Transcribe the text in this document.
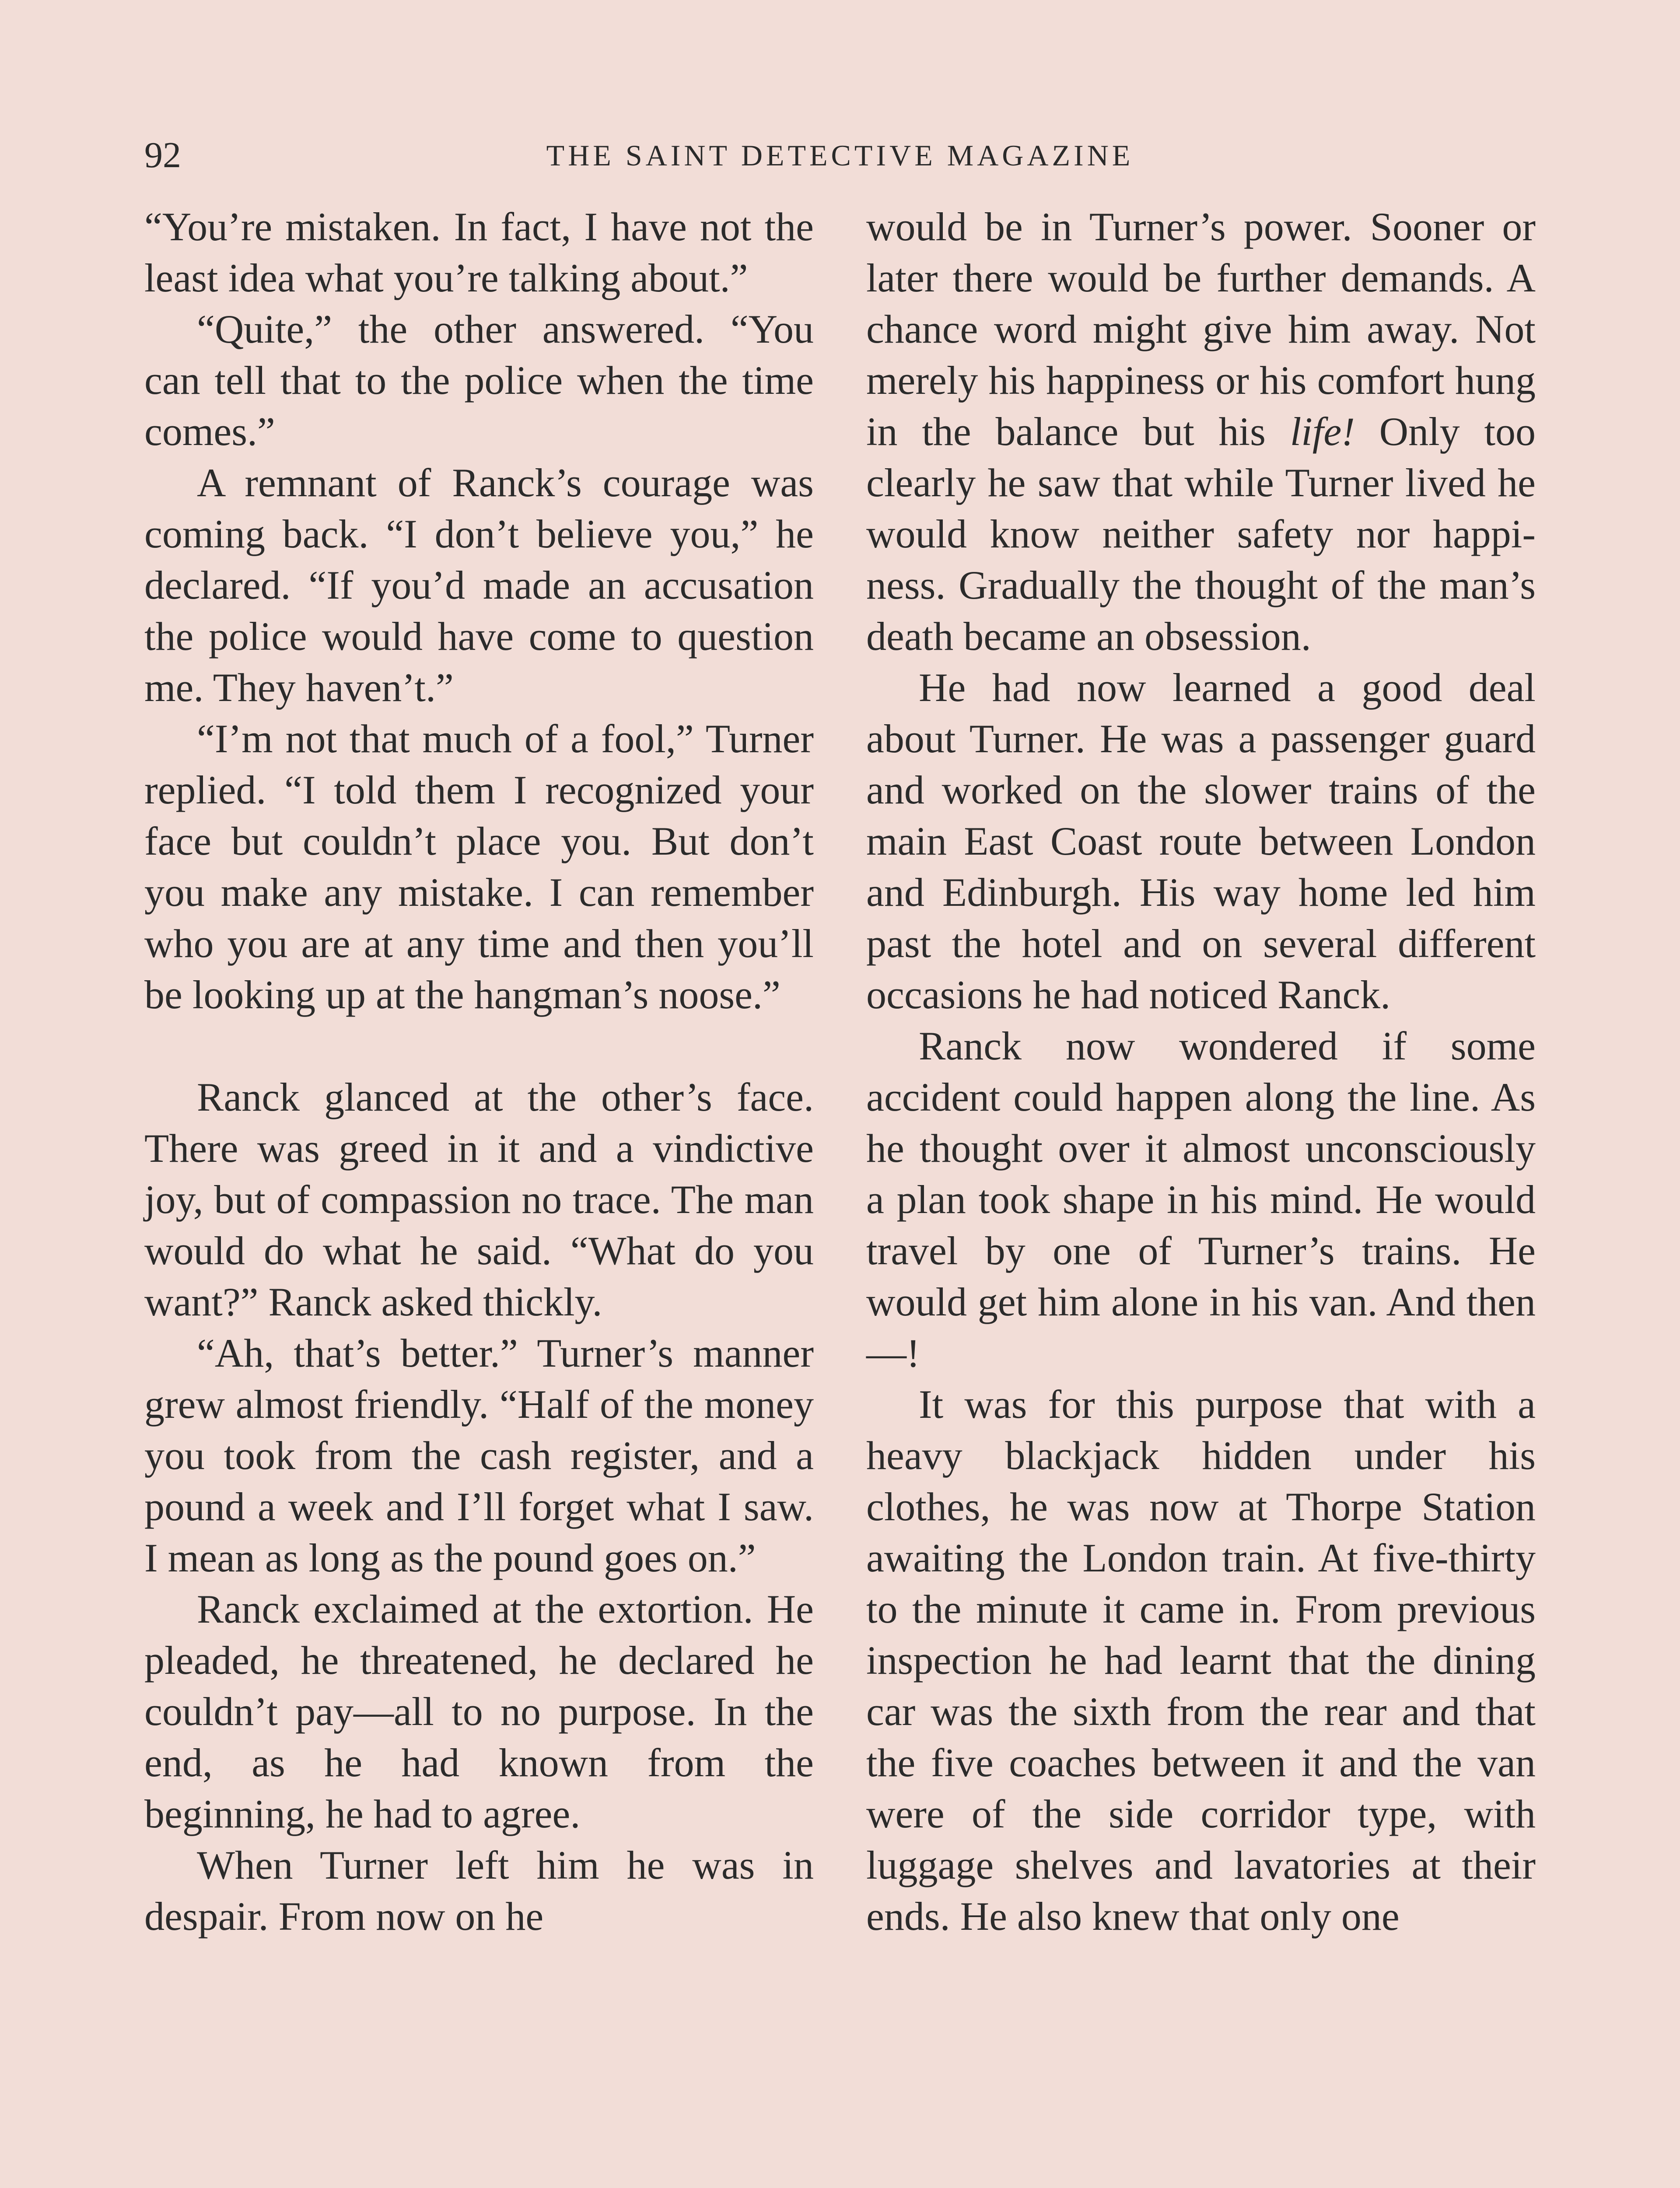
92	THE SAINT DETECTIVE MAGAZINE

“You’re mistaken. In fact, I have not the least idea what you’re talking about.”

“Quite,” the other answered. “You can tell that to the police when the time comes.”

A remnant of Ranck’s courage was coming back. “I don’t believe you,” he declared. “If you’d made an accusation the police would have come to question me. They haven’t.”

“I’m not that much of a fool,” Turner replied. “I told them I recognized your face but couldn’t place you. But don’t you make any mistake. I can remember who you are at any time and then you’ll be looking up at the hangman’s noose.”

Ranck glanced at the other’s face. There was greed in it and a vindictive joy, but of compassion no trace. The man would do what he said. “What do you want?” Ranck asked thickly.

“Ah, that’s better.” Turner’s manner grew almost friendly. “Half of the money you took from the cash register, and a pound a week and I’ll forget what I saw. I mean as long as the pound goes on.”

Ranck exclaimed at the extortion. He pleaded, he threatened, he declared he couldn’t pay—all to no purpose. In the end, as he had known from the beginning, he had to agree.

When Turner left him he was in despair. From now on he

would be in Turner’s power. Sooner or later there would be further demands. A chance word might give him away. Not merely his happiness or his comfort hung in the balance but his life! Only too clearly he saw that while Turner lived he would know neither safety nor happiness. Gradually the thought of the man’s death became an obsession.

He had now learned a good deal about Turner. He was a passenger guard and worked on the slower trains of the main East Coast route between London and Edinburgh. His way home led him past the hotel and on several different occasions he had noticed Ranck.

Ranck now wondered if some accident could happen along the line. As he thought over it almost unconsciously a plan took shape in his mind. He would travel by one of Turner’s trains. He would get him alone in his van. And then—!

It was for this purpose that with a heavy blackjack hidden under his clothes, he was now at Thorpe Station awaiting the London train. At five-thirty to the minute it came in. From previous inspection he had learnt that the dining car was the sixth from the rear and that the five coaches between it and the van were of the side corridor type, with luggage shelves and lavatories at their ends. He also knew that only one
